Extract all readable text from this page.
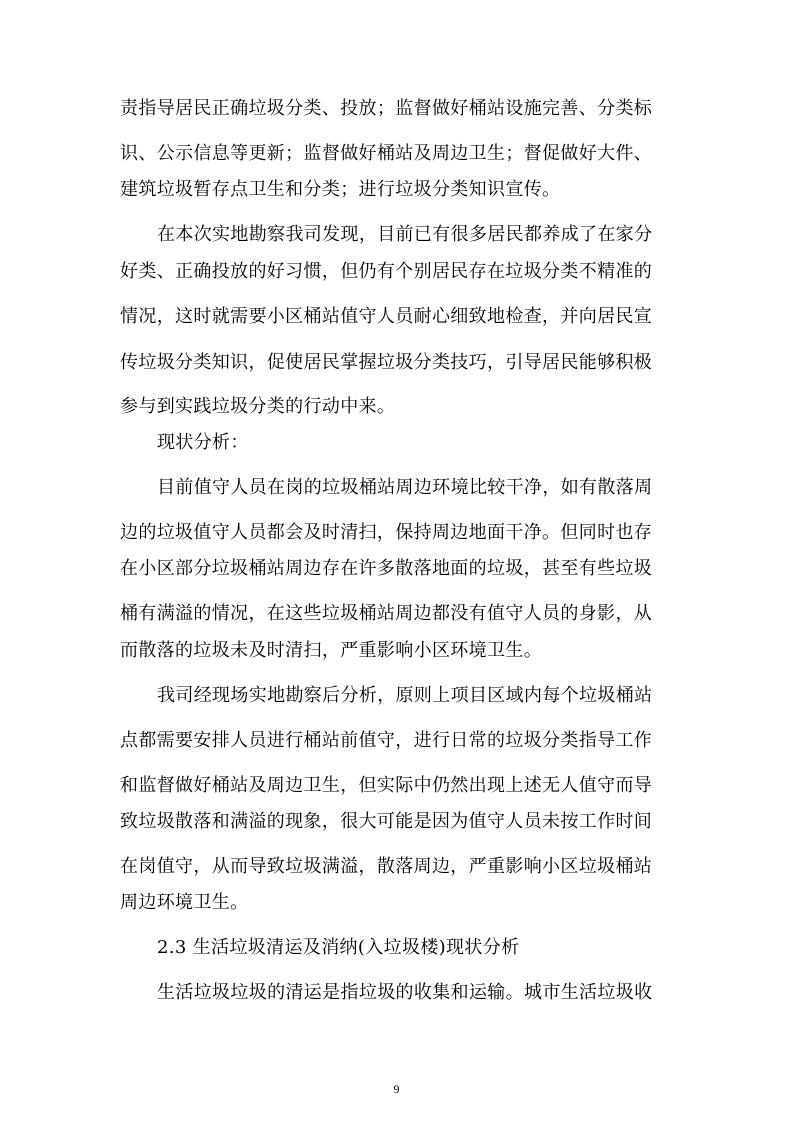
责指导居民正确垃圾分类、投放；监督做好桶站设施完善、分类标
识、公示信息等更新；监督做好桶站及周边卫生；督促做好大件、
建筑垃圾暂存点卫生和分类；进行垃圾分类知识宣传。
在本次实地勘察我司发现，目前已有很多居民都养成了在家分
好类、正确投放的好习惯，但仍有个别居民存在垃圾分类不精准的
情况，这时就需要小区桶站值守人员耐心细致地检查，并向居民宣
传垃圾分类知识，促使居民掌握垃圾分类技巧，引导居民能够积极
参与到实践垃圾分类的行动中来。
现状分析：
目前值守人员在岗的垃圾桶站周边环境比较干净，如有散落周
边的垃圾值守人员都会及时清扫，保持周边地面干净。但同时也存
在小区部分垃圾桶站周边存在许多散落地面的垃圾，甚至有些垃圾
桶有满溢的情况，在这些垃圾桶站周边都没有值守人员的身影，从
而散落的垃圾未及时清扫，严重影响小区环境卫生。
我司经现场实地勘察后分析，原则上项目区域内每个垃圾桶站
点都需要安排人员进行桶站前值守，进行日常的垃圾分类指导工作
和监督做好桶站及周边卫生，但实际中仍然出现上述无人值守而导
致垃圾散落和满溢的现象，很大可能是因为值守人员未按工作时间
在岗值守，从而导致垃圾满溢，散落周边，严重影响小区垃圾桶站
周边环境卫生。
2.3 生活垃圾清运及消纳(入垃圾楼)现状分析
生活垃圾垃圾的清运是指垃圾的收集和运输。城市生活垃圾收
9
